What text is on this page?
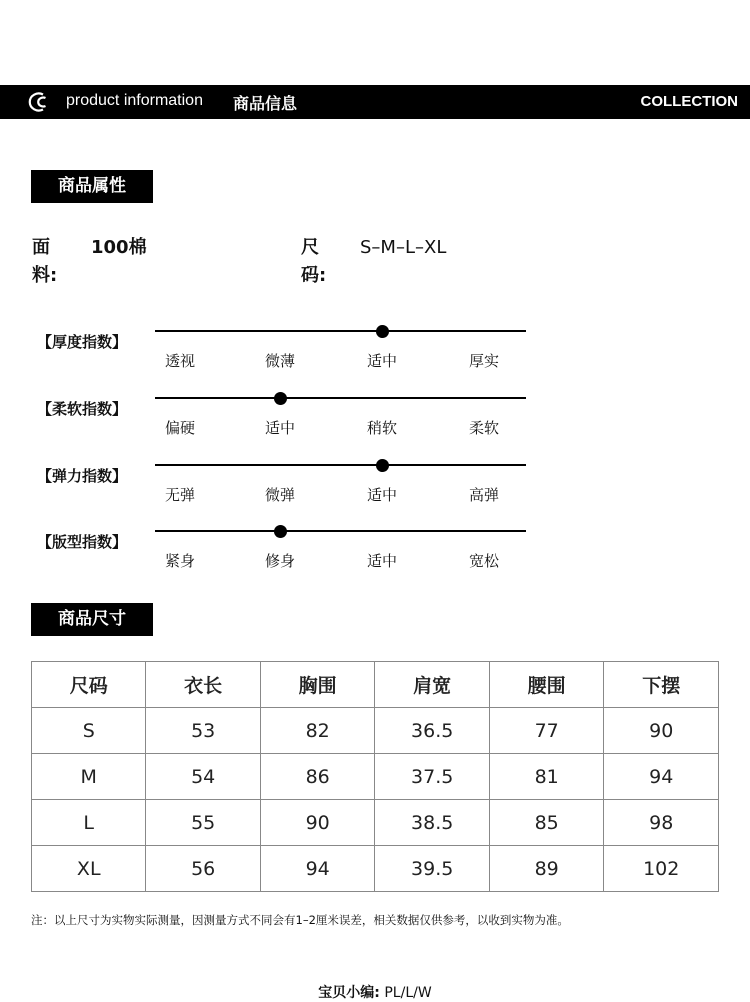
product information 商品信息	COLLECTION
商品属性
面
料:
100棉	尺
码:
S–M–L–XL
【厚度指数】
透视	微薄	适中	厚实
【柔软指数】
偏硬	适中	稍软	柔软
【弹力指数】
无弹	微弹	适中	高弹
【版型指数】
紧身	修身	适中	宽松
商品尺寸
尺码	衣长	胸围	肩宽	腰围	下摆
S	53	82	36.5	77	90
M	54	86	37.5	81	94
L	55	90	38.5	85	98
XL	56	94	39.5	89	102
注：以上尺寸为实物实际测量，因测量方式不同会有1–2厘米误差，相关数据仅供参考，以收到实物为准。
宝贝小编: PL/L/W
